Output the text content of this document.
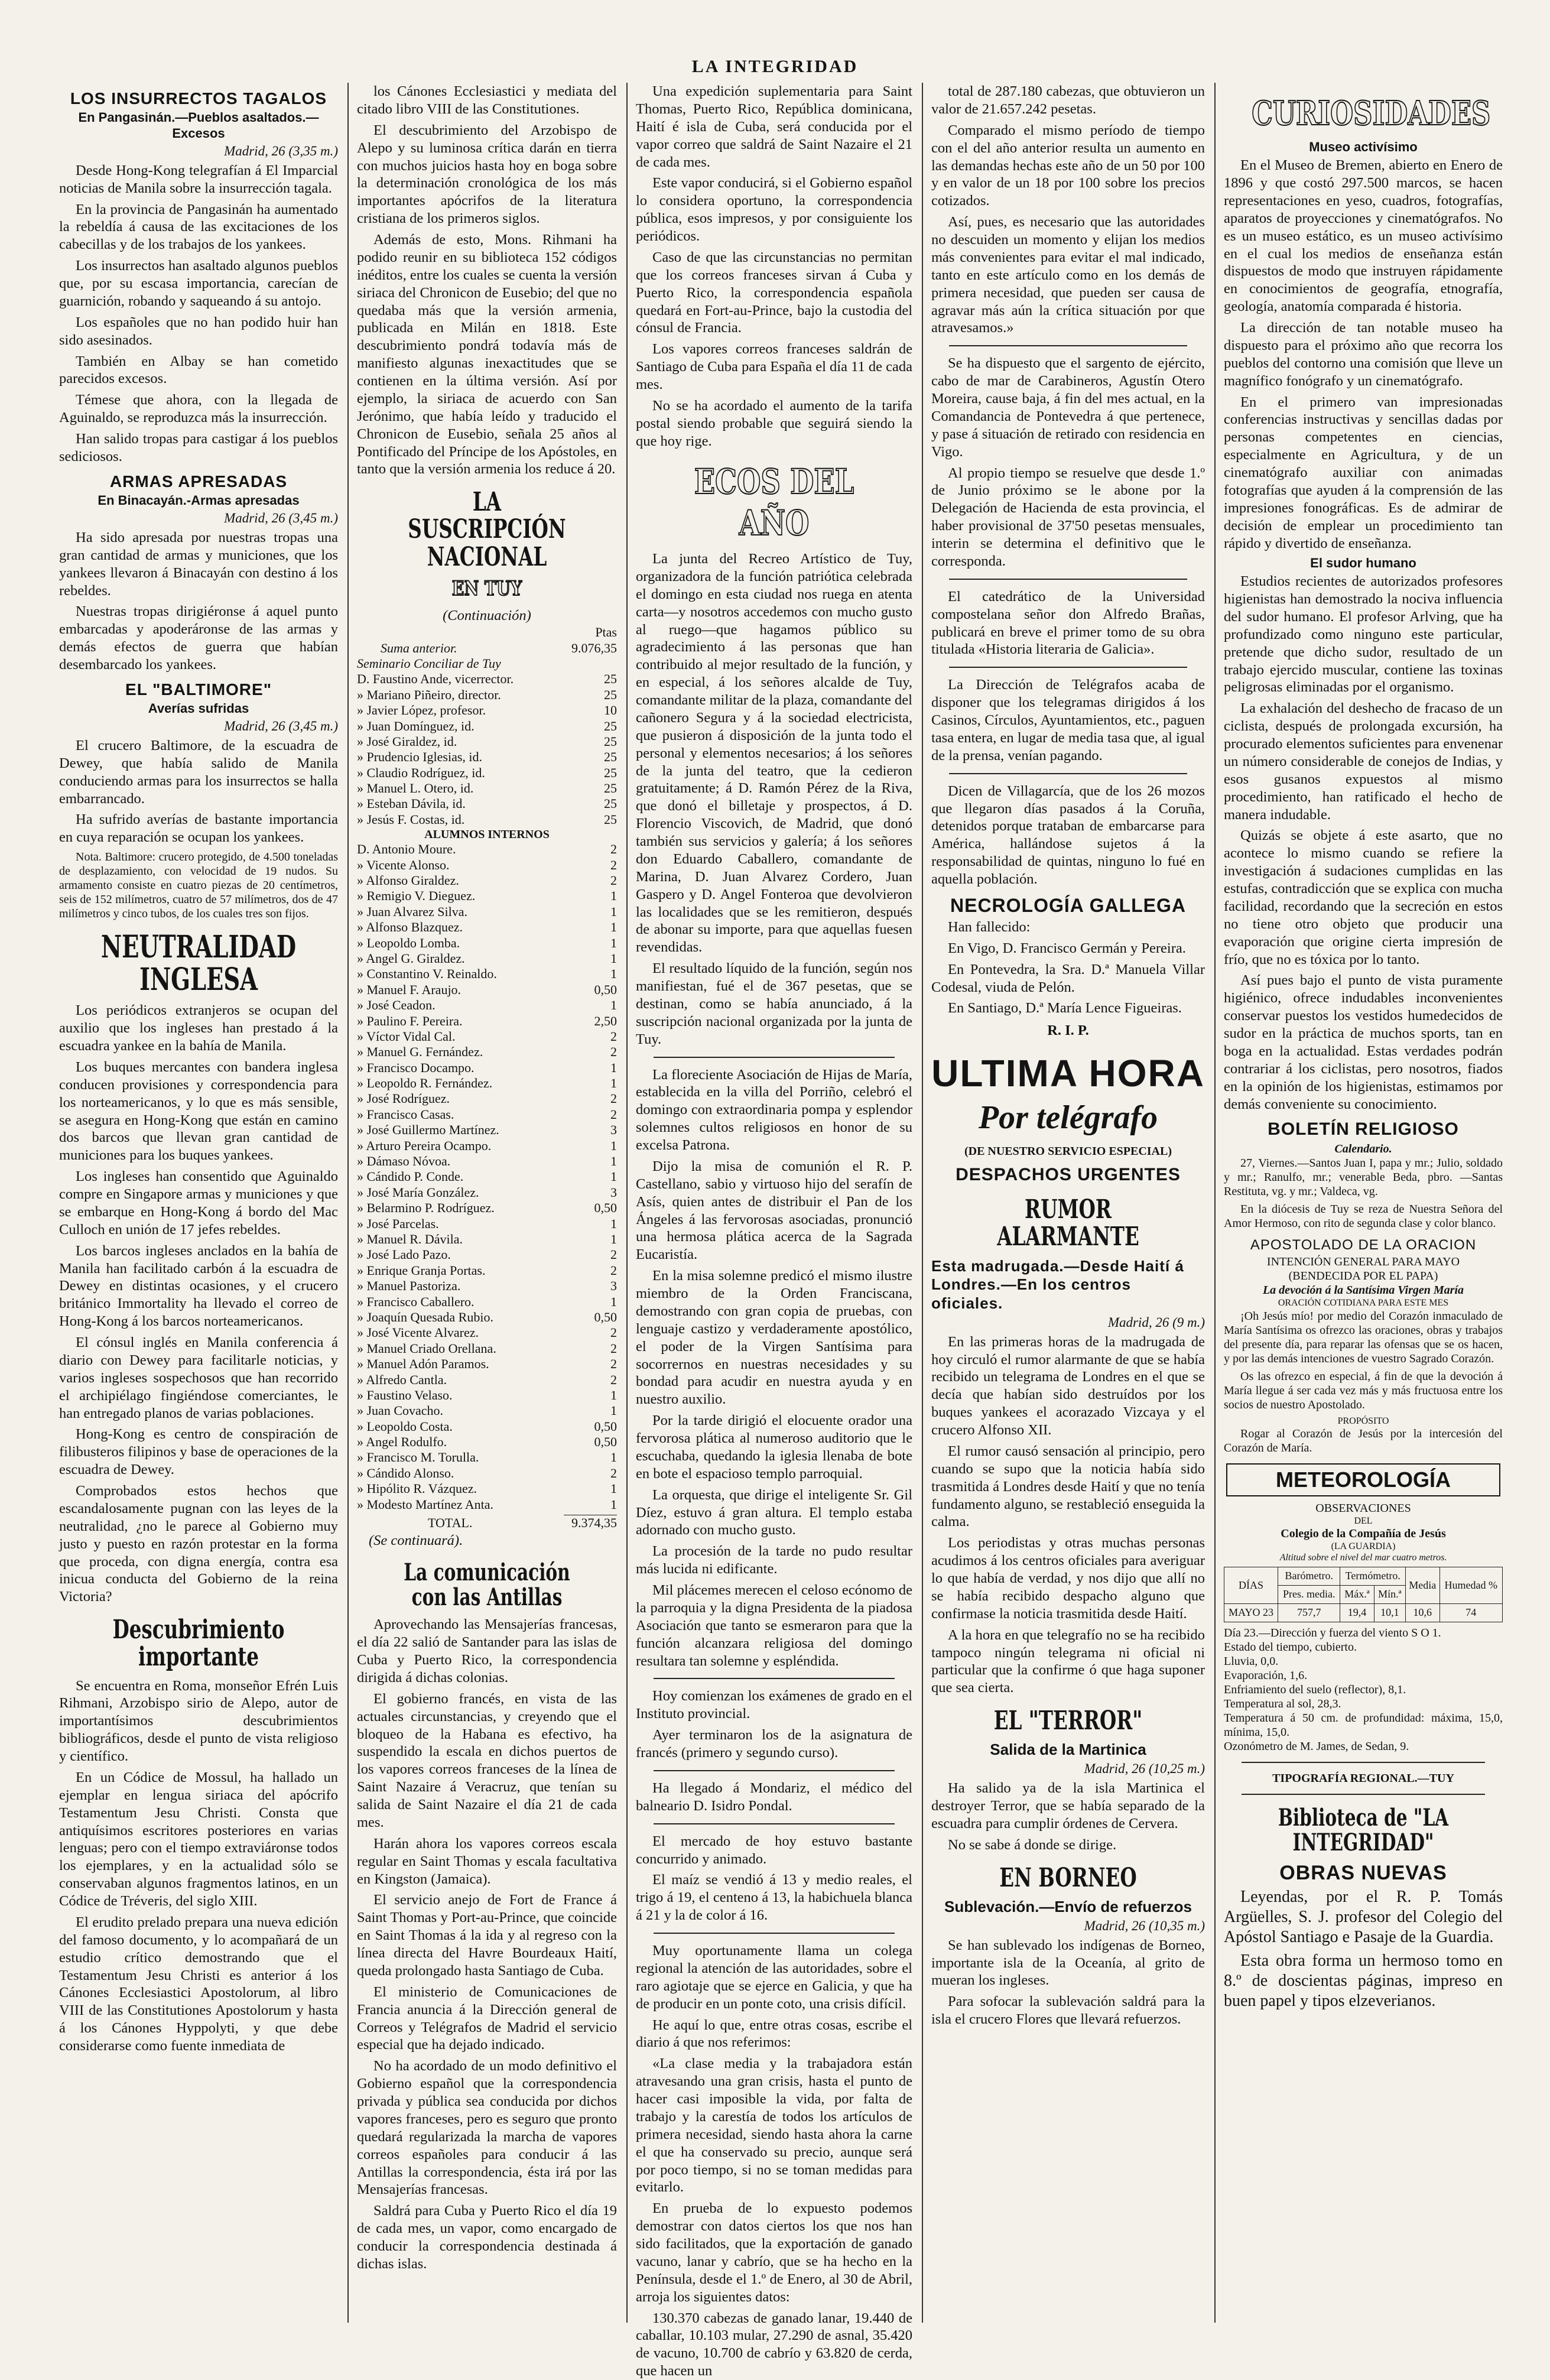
LA INTEGRIDAD
LOS INSURRECTOS TAGALOS
En Pangasinán.—Pueblos asaltados.—Excesos
Madrid, 26 (3,35 m.)

Desde Hong-Kong telegrafían á El Imparcial noticias de Manila sobre la insurrección tagala.

En la provincia de Pangasinán ha aumentado la rebeldía á causa de las excitaciones de los cabecillas y de los trabajos de los yankees.

Los insurrectos han asaltado algunos pueblos que, por su escasa importancia, carecían de guarnición, robando y saqueando á su antojo.

Los españoles que no han podido huir han sido asesinados.

También en Albay se han cometido parecidos excesos.

Témese que ahora, con la llegada de Aguinaldo, se reproduzca más la insurrección.

Han salido tropas para castigar á los pueblos sediciosos.

ARMAS APRESADAS
En Binacayán.-Armas apresadas
Madrid, 26 (3,45 m.)

Ha sido apresada por nuestras tropas una gran cantidad de armas y municiones, que los yankees llevaron á Binacayán con destino á los rebeldes.

Nuestras tropas dirigiéronse á aquel punto embarcadas y apoderáronse de las armas y demás efectos de guerra que habían desembarcado los yankees.

EL "BALTIMORE"
Averías sufridas
Madrid, 26 (3,45 m.)

El crucero Baltimore, de la escuadra de Dewey, que había salido de Manila conduciendo armas para los insurrectos se halla embarrancado.

Ha sufrido averías de bastante importancia en cuya reparación se ocupan los yankees.

Nota. Baltimore: crucero protegido, de 4.500 toneladas de desplazamiento, con velocidad de 19 nudos. Su armamento consiste en cuatro piezas de 20 centímetros, seis de 152 milímetros, cuatro de 57 milímetros, dos de 47 milímetros y cinco tubos, de los cuales tres son fijos.

NEUTRALIDAD INGLESA

Los periódicos extranjeros se ocupan del auxilio que los ingleses han prestado á la escuadra yankee en la bahía de Manila.

Los buques mercantes con bandera inglesa conducen provisiones y correspondencia para los norteamericanos, y lo que es más sensible, se asegura en Hong-Kong que están en camino dos barcos que llevan gran cantidad de municiones para los buques yankees.

Los ingleses han consentido que Aguinaldo compre en Singapore armas y municiones y que se embarque en Hong-Kong á bordo del Mac Culloch en unión de 17 jefes rebeldes.

Los barcos ingleses anclados en la bahía de Manila han facilitado carbón á la escuadra de Dewey en distintas ocasiones, y el crucero británico Immortality ha llevado el correo de Hong-Kong á los barcos norteamericanos.

El cónsul inglés en Manila conferencia á diario con Dewey para facilitarle noticias, y varios ingleses sospechosos que han recorrido el archipiélago fingiéndose comerciantes, le han entregado planos de varias poblaciones.

Hong-Kong es centro de conspiración de filibusteros filipinos y base de operaciones de la escuadra de Dewey.

Comprobados estos hechos que escandalosamente pugnan con las leyes de la neutralidad, ¿no le parece al Gobierno muy justo y puesto en razón protestar en la forma que proceda, con digna energía, contra esa inicua conducta del Gobierno de la reina Victoria?

Descubrimiento importante

Se encuentra en Roma, monseñor Efrén Luis Rihmani, Arzobispo sirio de Alepo, autor de importantísimos descubrimientos bibliográficos, desde el punto de vista religioso y científico.

En un Códice de Mossul, ha hallado un ejemplar en lengua siriaca del apócrifo Testamentum Jesu Christi. Consta que antiquísimos escritores posteriores en varias lenguas; pero con el tiempo extraviáronse todos los ejemplares, y en la actualidad sólo se conservaban algunos fragmentos latinos, en un Códice de Tréveris, del siglo XIII.

El erudito prelado prepara una nueva edición del famoso documento, y lo acompañará de un estudio crítico demostrando que el Testamentum Jesu Christi es anterior á los Cánones Ecclesiastici Apostolorum, al libro VIII de las Constitutiones Apostolorum y hasta á los Cánones Hyppolyti, y que debe considerarse como fuente inmediata de

los Cánones Ecclesiastici y mediata del citado libro VIII de las Constitutiones.

El descubrimiento del Arzobispo de Alepo y su luminosa crítica darán en tierra con muchos juicios hasta hoy en boga sobre la determinación cronológica de los más importantes apócrifos de la literatura cristiana de los primeros siglos.

Además de esto, Mons. Rihmani ha podido reunir en su biblioteca 152 códigos inéditos, entre los cuales se cuenta la versión siriaca del Chronicon de Eusebio; del que no quedaba más que la versión armenia, publicada en Milán en 1818. Este descubrimiento pondrá todavía más de manifiesto algunas inexactitudes que se contienen en la última versión. Así por ejemplo, la siriaca de acuerdo con San Jerónimo, que había leído y traducido el Chronicon de Eusebio, señala 25 años al Pontificado del Príncipe de los Apóstoles, en tanto que la versión armenia los reduce á 20.

LA SUSCRIPCIÓN NACIONAL
EN TUY
(Continuación)
	Ptas
Suma anterior.	9.076,35
Seminario Conciliar de Tuy	
D. Faustino Ande, vicerrector.	25
» Mariano Piñeiro, director.	25
» Javier López, profesor.	10
» Juan Domínguez, id.	25
» José Giraldez, id.	25
» Prudencio Iglesias, id.	25
» Claudio Rodríguez, id.	25
» Manuel L. Otero, id.	25
» Esteban Dávila, id.	25
» Jesús F. Costas, id.	25
ALUMNOS INTERNOS
D. Antonio Moure.	2
» Vicente Alonso.	2
» Alfonso Giraldez.	2
» Remigio V. Dieguez.	1
» Juan Alvarez Silva.	1
» Alfonso Blazquez.	1
» Leopoldo Lomba.	1
» Angel G. Giraldez.	1
» Constantino V. Reinaldo.	1
» Manuel F. Araujo.	0,50
» José Ceadon.	1
» Paulino F. Pereira.	2,50
» Víctor Vidal Cal.	2
» Manuel G. Fernández.	2
» Francisco Docampo.	1
» Leopoldo R. Fernández.	1
» José Rodríguez.	2
» Francisco Casas.	2
» José Guillermo Martínez.	3
» Arturo Pereira Ocampo.	1
» Dámaso Nóvoa.	1
» Cándido P. Conde.	1
» José María González.	3
» Belarmino P. Rodríguez.	0,50
» José Parcelas.	1
» Manuel R. Dávila.	1
» José Lado Pazo.	2
» Enrique Granja Portas.	2
» Manuel Pastoriza.	3
» Francisco Caballero.	1
» Joaquín Quesada Rubio.	0,50
» José Vicente Alvarez.	2
» Manuel Criado Orellana.	2
» Manuel Adón Paramos.	2
» Alfredo Cantla.	2
» Faustino Velaso.	1
» Juan Covacho.	1
» Leopoldo Costa.	0,50
» Angel Rodulfo.	0,50
» Francisco M. Torulla.	1
» Cándido Alonso.	2
» Hipólito R. Vázquez.	1
» Modesto Martínez Anta.	1
TOTAL.	9.374,35
(Se continuará).
La comunicación con las Antillas

Aprovechando las Mensajerías francesas, el día 22 salió de Santander para las islas de Cuba y Puerto Rico, la correspondencia dirigida á dichas colonias.

El gobierno francés, en vista de las actuales circunstancias, y creyendo que el bloqueo de la Habana es efectivo, ha suspendido la escala en dichos puertos de los vapores correos franceses de la línea de Saint Nazaire á Veracruz, que tenían su salida de Saint Nazaire el día 21 de cada mes.

Harán ahora los vapores correos escala regular en Saint Thomas y escala facultativa en Kingston (Jamaica).

El servicio anejo de Fort de France á Saint Thomas y Port-au-Prince, que coincide en Saint Thomas á la ida y al regreso con la línea directa del Havre Bourdeaux Haití, queda prolongado hasta Santiago de Cuba.

El ministerio de Comunicaciones de Francia anuncia á la Dirección general de Correos y Telégrafos de Madrid el servicio especial que ha dejado indicado.

No ha acordado de un modo definitivo el Gobierno español que la correspondencia privada y pública sea conducida por dichos vapores franceses, pero es seguro que pronto quedará regularizada la marcha de vapores correos españoles para conducir á las Antillas la correspondencia, ésta irá por las Mensajerías francesas.

Saldrá para Cuba y Puerto Rico el día 19 de cada mes, un vapor, como encargado de conducir la correspondencia destinada á dichas islas.

Una expedición suplementaria para Saint Thomas, Puerto Rico, República dominicana, Haití é isla de Cuba, será conducida por el vapor correo que saldrá de Saint Nazaire el 21 de cada mes.

Este vapor conducirá, si el Gobierno español lo considera oportuno, la correspondencia pública, esos impresos, y por consiguiente los periódicos.

Caso de que las circunstancias no permitan que los correos franceses sirvan á Cuba y Puerto Rico, la correspondencia española quedará en Fort-au-Prince, bajo la custodia del cónsul de Francia.

Los vapores correos franceses saldrán de Santiago de Cuba para España el día 11 de cada mes.

No se ha acordado el aumento de la tarifa postal siendo probable que seguirá siendo la que hoy rige.

ECOS DEL AÑO

La junta del Recreo Artístico de Tuy, organizadora de la función patriótica celebrada el domingo en esta ciudad nos ruega en atenta carta—y nosotros accedemos con mucho gusto al ruego—que hagamos público su agradecimiento á las personas que han contribuido al mejor resultado de la función, y en especial, á los señores alcalde de Tuy, comandante militar de la plaza, comandante del cañonero Segura y á la sociedad electricista, que pusieron á disposición de la junta todo el personal y elementos necesarios; á los señores de la junta del teatro, que la cedieron gratuitamente; á D. Ramón Pérez de la Riva, que donó el billetaje y prospectos, á D. Florencio Viscovich, de Madrid, que donó también sus servicios y galería; á los señores don Eduardo Caballero, comandante de Marina, D. Juan Alvarez Cordero, Juan Gaspero y D. Angel Fonteroa que devolvieron las localidades que se les remitieron, después de abonar su importe, para que aquellas fuesen revendidas.

El resultado líquido de la función, según nos manifiestan, fué el de 367 pesetas, que se destinan, como se había anunciado, á la suscripción nacional organizada por la junta de Tuy.

La floreciente Asociación de Hijas de María, establecida en la villa del Porriño, celebró el domingo con extraordinaria pompa y esplendor solemnes cultos religiosos en honor de su excelsa Patrona.

Dijo la misa de comunión el R. P. Castellano, sabio y virtuoso hijo del serafín de Asís, quien antes de distribuir el Pan de los Ángeles á las fervorosas asociadas, pronunció una hermosa plática acerca de la Sagrada Eucaristía.

En la misa solemne predicó el mismo ilustre miembro de la Orden Franciscana, demostrando con gran copia de pruebas, con lenguaje castizo y verdaderamente apostólico, el poder de la Virgen Santísima para socorrernos en nuestras necesidades y su bondad para acudir en nuestra ayuda y en nuestro auxilio.

Por la tarde dirigió el elocuente orador una fervorosa plática al numeroso auditorio que le escuchaba, quedando la iglesia llenaba de bote en bote el espacioso templo parroquial.

La orquesta, que dirige el inteligente Sr. Gil Díez, estuvo á gran altura. El templo estaba adornado con mucho gusto.

La procesión de la tarde no pudo resultar más lucida ni edificante.

Mil plácemes merecen el celoso ecónomo de la parroquia y la digna Presidenta de la piadosa Asociación que tanto se esmeraron para que la función alcanzara religiosa del domingo resultara tan solemne y espléndida.

Hoy comienzan los exámenes de grado en el Instituto provincial.

Ayer terminaron los de la asignatura de francés (primero y segundo curso).

Ha llegado á Mondariz, el médico del balneario D. Isidro Pondal.

El mercado de hoy estuvo bastante concurrido y animado.

El maíz se vendió á 13 y medio reales, el trigo á 19, el centeno á 13, la habichuela blanca á 21 y la de color á 16.

Muy oportunamente llama un colega regional la atención de las autoridades, sobre el raro agiotaje que se ejerce en Galicia, y que ha de producir en un ponte coto, una crisis difícil.

He aquí lo que, entre otras cosas, escribe el diario á que nos referimos:

«La clase media y la trabajadora están atravesando una gran crisis, hasta el punto de hacer casi imposible la vida, por falta de trabajo y la carestía de todos los artículos de primera necesidad, siendo hasta ahora la carne el que ha conservado su precio, aunque será por poco tiempo, si no se toman medidas para evitarlo.

En prueba de lo expuesto podemos demostrar con datos ciertos los que nos han sido facilitados, que la exportación de ganado vacuno, lanar y cabrío, que se ha hecho en la Península, desde el 1.º de Enero, al 30 de Abril, arroja los siguientes datos:

130.370 cabezas de ganado lanar, 19.440 de caballar, 10.103 mular, 27.290 de asnal, 35.420 de vacuno, 10.700 de cabrío y 63.820 de cerda, que hacen un

total de 287.180 cabezas, que obtuvieron un valor de 21.657.242 pesetas.

Comparado el mismo período de tiempo con el del año anterior resulta un aumento en las demandas hechas este año de un 50 por 100 y en valor de un 18 por 100 sobre los precios cotizados.

Así, pues, es necesario que las autoridades no descuiden un momento y elijan los medios más convenientes para evitar el mal indicado, tanto en este artículo como en los demás de primera necesidad, que pueden ser causa de agravar más aún la crítica situación por que atravesamos.»

Se ha dispuesto que el sargento de ejército, cabo de mar de Carabineros, Agustín Otero Moreira, cause baja, á fin del mes actual, en la Comandancia de Pontevedra á que pertenece, y pase á situación de retirado con residencia en Vigo.

Al propio tiempo se resuelve que desde 1.º de Junio próximo se le abone por la Delegación de Hacienda de esta provincia, el haber provisional de 37'50 pesetas mensuales, interin se determina el definitivo que le corresponda.

El catedrático de la Universidad compostelana señor don Alfredo Brañas, publicará en breve el primer tomo de su obra titulada «Historia literaria de Galicia».

La Dirección de Telégrafos acaba de disponer que los telegramas dirigidos á los Casinos, Círculos, Ayuntamientos, etc., paguen tasa entera, en lugar de media tasa que, al igual de la prensa, venían pagando.

Dicen de Villagarcía, que de los 26 mozos que llegaron días pasados á la Coruña, detenidos porque trataban de embarcarse para América, hallándose sujetos á la responsabilidad de quintas, ninguno lo fué en aquella población.

NECROLOGÍA GALLEGA

Han fallecido:

En Vigo, D. Francisco Germán y Pereira.

En Pontevedra, la Sra. D.ª Manuela Villar Codesal, viuda de Pelón.

En Santiago, D.ª María Lence Figueiras.

R. I. P.
ULTIMA HORA
Por telégrafo
(DE NUESTRO SERVICIO ESPECIAL)
DESPACHOS URGENTES
RUMOR ALARMANTE
Esta madrugada.—Desde Haití á Londres.—En los centros oficiales.
Madrid, 26 (9 m.)

En las primeras horas de la madrugada de hoy circuló el rumor alarmante de que se había recibido un telegrama de Londres en el que se decía que habían sido destruídos por los buques yankees el acorazado Vizcaya y el crucero Alfonso XII.

El rumor causó sensación al principio, pero cuando se supo que la noticia había sido trasmitida á Londres desde Haití y que no tenía fundamento alguno, se restableció enseguida la calma.

Los periodistas y otras muchas personas acudimos á los centros oficiales para averiguar lo que había de verdad, y nos dijo que allí no se había recibido despacho alguno que confirmase la noticia trasmitida desde Haití.

A la hora en que telegrafío no se ha recibido tampoco ningún telegrama ni oficial ni particular que la confirme ó que haga suponer que sea cierta.

EL "TERROR"
Salida de la Martinica
Madrid, 26 (10,25 m.)

Ha salido ya de la isla Martinica el destroyer Terror, que se había separado de la escuadra para cumplir órdenes de Cervera.

No se sabe á donde se dirige.

EN BORNEO
Sublevación.—Envío de refuerzos
Madrid, 26 (10,35 m.)

Se han sublevado los indígenas de Borneo, importante isla de la Oceanía, al grito de mueran los ingleses.

Para sofocar la sublevación saldrá para la isla el crucero Flores que llevará refuerzos.

CURIOSIDADES
Museo activísimo

En el Museo de Bremen, abierto en Enero de 1896 y que costó 297.500 marcos, se hacen representaciones en yeso, cuadros, fotografías, aparatos de proyecciones y cinematógrafos. No es un museo estático, es un museo activísimo en el cual los medios de enseñanza están dispuestos de modo que instruyen rápidamente en conocimientos de geografía, etnografía, geología, anatomía comparada é historia.

La dirección de tan notable museo ha dispuesto para el próximo año que recorra los pueblos del contorno una comisión que lleve un magnífico fonógrafo y un cinematógrafo.

En el primero van impresionadas conferencias instructivas y sencillas dadas por personas competentes en ciencias, especialmente en Agricultura, y de un cinematógrafo auxiliar con animadas fotografías que ayuden á la comprensión de las impresiones fonográficas. Es de admirar de decisión de emplear un procedimiento tan rápido y divertido de enseñanza.

El sudor humano

Estudios recientes de autorizados profesores higienistas han demostrado la nociva influencia del sudor humano. El profesor Arlving, que ha profundizado como ninguno este particular, pretende que dicho sudor, resultado de un trabajo ejercido muscular, contiene las toxinas peligrosas eliminadas por el organismo.

La exhalación del deshecho de fracaso de un ciclista, después de prolongada excursión, ha procurado elementos suficientes para envenenar un número considerable de conejos de Indias, y esos gusanos expuestos al mismo procedimiento, han ratificado el hecho de manera indudable.

Quizás se objete á este asarto, que no acontece lo mismo cuando se refiere la investigación á sudaciones cumplidas en las estufas, contradicción que se explica con mucha facilidad, recordando que la secreción en estos no tiene otro objeto que producir una evaporación que origine cierta impresión de frío, que no es tóxica por lo tanto.

Así pues bajo el punto de vista puramente higiénico, ofrece indudables inconvenientes conservar puestos los vestidos humedecidos de sudor en la práctica de muchos sports, tan en boga en la actualidad. Estas verdades podrán contrariar á los ciclistas, pero nosotros, fiados en la opinión de los higienistas, estimamos por demás conveniente su conocimiento.

BOLETÍN RELIGIOSO
Calendario.

27, Viernes.—Santos Juan I, papa y mr.; Julio, soldado y mr.; Ranulfo, mr.; venerable Beda, pbro. —Santas Restituta, vg. y mr.; Valdeca, vg.

En la diócesis de Tuy se reza de Nuestra Señora del Amor Hermoso, con rito de segunda clase y color blanco.

APOSTOLADO DE LA ORACION
INTENCIÓN GENERAL PARA MAYO
(BENDECIDA POR EL PAPA)
La devoción á la Santísima Virgen María
ORACIÓN COTIDIANA PARA ESTE MES

¡Oh Jesús mío! por medio del Corazón inmaculado de María Santísima os ofrezco las oraciones, obras y trabajos del presente día, para reparar las ofensas que se os hacen, y por las demás intenciones de vuestro Sagrado Corazón.

Os las ofrezco en especial, á fin de que la devoción á María llegue á ser cada vez más y más fructuosa entre los socios de nuestro Apostolado.

PROPÓSITO

Rogar al Corazón de Jesús por la intercesión del Corazón de María.

METEOROLOGÍA
OBSERVACIONES
DEL
Colegio de la Compañía de Jesús
(LA GUARDIA)
Altitud sobre el nivel del mar cuatro metros.
DÍAS	Barómetro.	Termómetro.		Media	Humedad %
	Pres. media.	Máx.ª	Mín.ª		
MAYO 23	757,7	19,4	10,1	10,6	74
Día 23.—Dirección y fuerza del viento S O 1.
Estado del tiempo, cubierto.
Lluvia, 0,0.
Evaporación, 1,6.
Enfriamiento del suelo (reflector), 8,1.
Temperatura al sol, 28,3.
Temperatura á 50 cm. de profundidad: máxima, 15,0, mínima, 15,0.
Ozonómetro de M. James, de Sedan, 9.
TIPOGRAFÍA REGIONAL.—TUY
Biblioteca de "LA INTEGRIDAD"
OBRAS NUEVAS

Leyendas, por el R. P. Tomás Argüelles, S. J. profesor del Colegio del Apóstol Santiago e Pasaje de la Guardia.

Esta obra forma un hermoso tomo en 8.º de doscientas páginas, impreso en buen papel y tipos elzeverianos.
